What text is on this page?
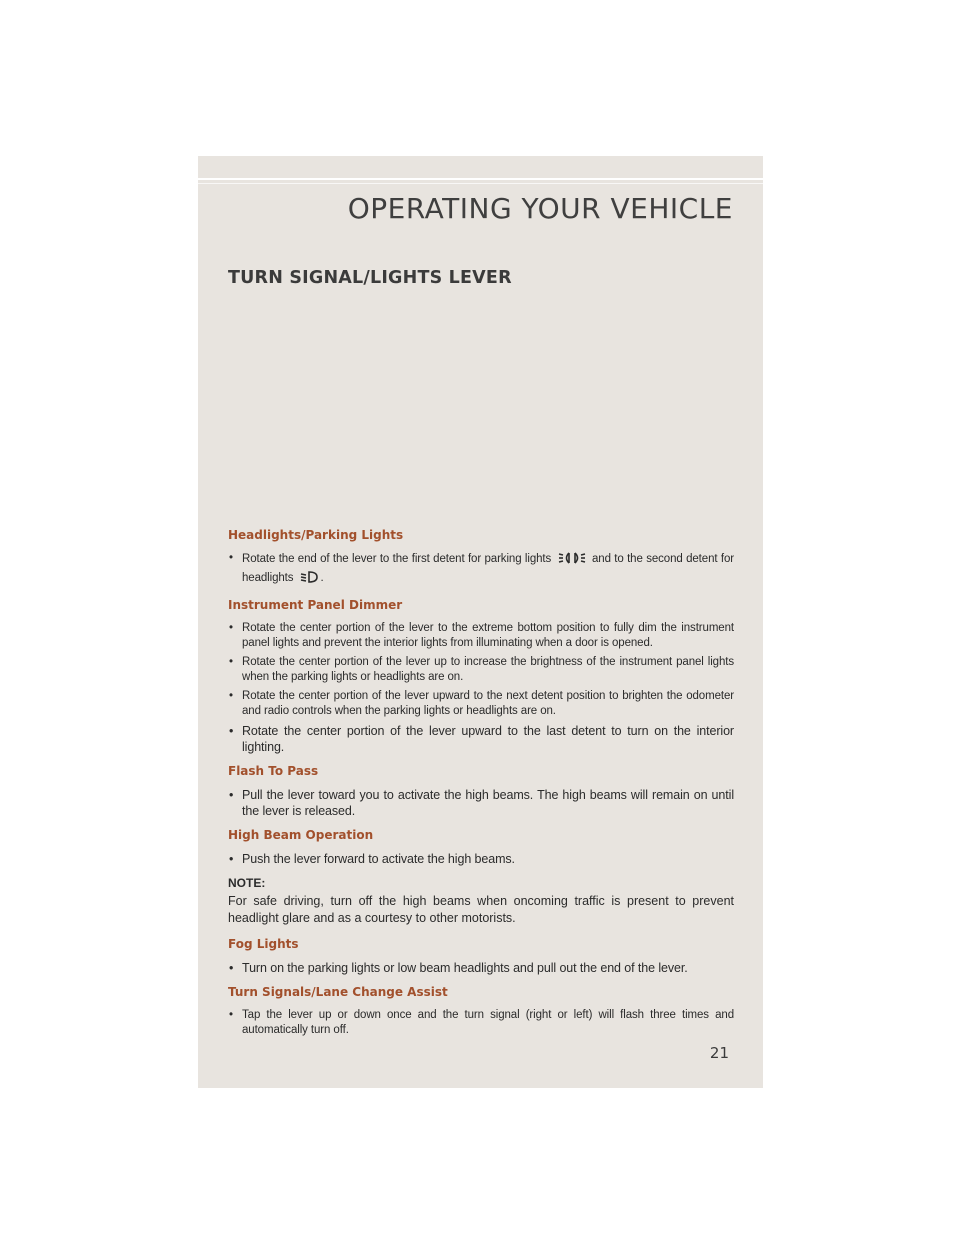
OPERATING YOUR VEHICLE
TURN SIGNAL/LIGHTS LEVER
Headlights/Parking Lights
• Rotate the end of the lever to the first detent for parking lights	and to the second detent for headlights .
Instrument Panel Dimmer
• Rotate the center portion of the lever to the extreme bottom position to fully dim the instrument panel lights and prevent the interior lights from illuminating when a door is opened.
• Rotate the center portion of the lever up to increase the brightness of the instrument panel lights when the parking lights or headlights are on.
• Rotate the center portion of the lever upward to the next detent position to brighten the odometer and radio controls when the parking lights or headlights are on.
• Rotate the center portion of the lever upward to the last detent to turn on the interior lighting.
Flash To Pass
• Pull the lever toward you to activate the high beams. The high beams will remain on until the lever is released.
High Beam Operation
• Push the lever forward to activate the high beams.
NOTE:
For safe driving, turn off the high beams when oncoming traffic is present to prevent headlight glare and as a courtesy to other motorists.
Fog Lights
• Turn on the parking lights or low beam headlights and pull out the end of the lever.
Turn Signals/Lane Change Assist
• Tap the lever up or down once and the turn signal (right or left) will flash three times and automatically turn off.
21
